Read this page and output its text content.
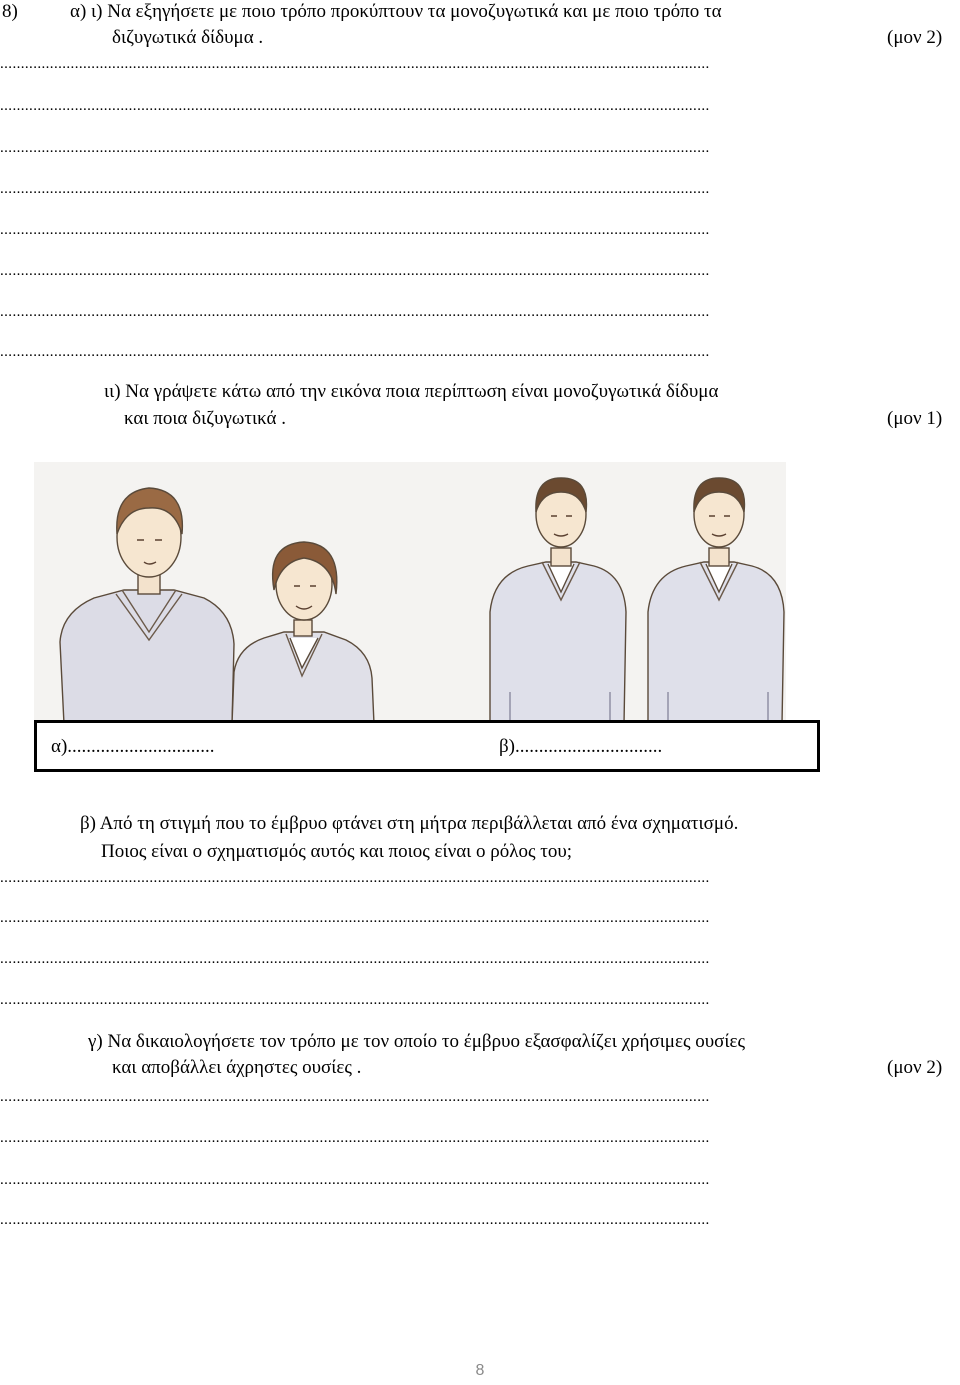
8)	α) ι) Να εξηγήσετε με ποιο τρόπο προκύπτουν τα μονοζυγωτικά και με ποιο τρόπο τα
διζυγωτικά δίδυμα .	(μον 2)
...........................................................................................................................................................................
...........................................................................................................................................................................
...........................................................................................................................................................................
...........................................................................................................................................................................
...........................................................................................................................................................................
...........................................................................................................................................................................
...........................................................................................................................................................................
...........................................................................................................................................................................
ιι) Να γράψετε κάτω από την εικόνα ποια περίπτωση είναι μονοζυγωτικά δίδυμα
και ποια διζυγωτικά .	(μον 1)
α)...............................	β)...............................
β) Από τη στιγμή που το έμβρυο φτάνει στη μήτρα περιβάλλεται από ένα σχηματισμό.
Ποιος είναι ο σχηματισμός αυτός και ποιος είναι ο ρόλος του;
...........................................................................................................................................................................
...........................................................................................................................................................................
...........................................................................................................................................................................
...........................................................................................................................................................................
γ) Να δικαιολογήσετε τον τρόπο με τον οποίο το έμβρυο εξασφαλίζει χρήσιμες ουσίες
και αποβάλλει άχρηστες ουσίες .	(μον 2)
...........................................................................................................................................................................
...........................................................................................................................................................................
...........................................................................................................................................................................
...........................................................................................................................................................................
8
